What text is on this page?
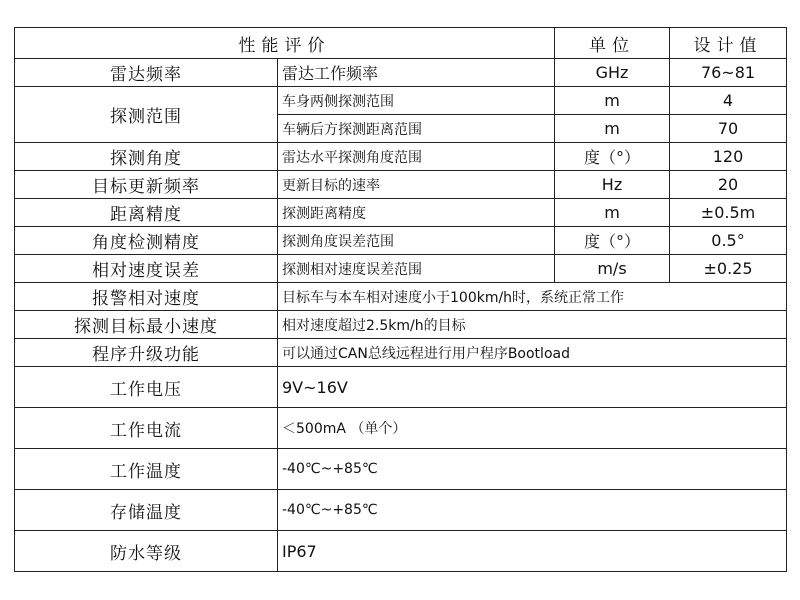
性能评价		单位	设计值
雷达频率	雷达工作频率	GHz	76~81
探测范围	车身两侧探测范围	m	4
	车辆后方探测距离范围	m	70
探测角度	雷达水平探测角度范围	度（°）	120
目标更新频率	更新目标的速率	Hz	20
距离精度	探测距离精度	m	±0.5m
角度检测精度	探测角度误差范围	度（°）	0.5°
相对速度误差	探测相对速度误差范围	m/s	±0.25
报警相对速度	目标车与本车相对速度小于100km/h时，系统正常工作		
探测目标最小速度	相对速度超过2.5km/h的目标		
程序升级功能	可以通过CAN总线远程进行用户程序Bootload		
工作电压	9V~16V		
工作电流	＜500mA （单个）		
工作温度	-40℃~+85℃		
存储温度	-40℃~+85℃		
防水等级	IP67		
